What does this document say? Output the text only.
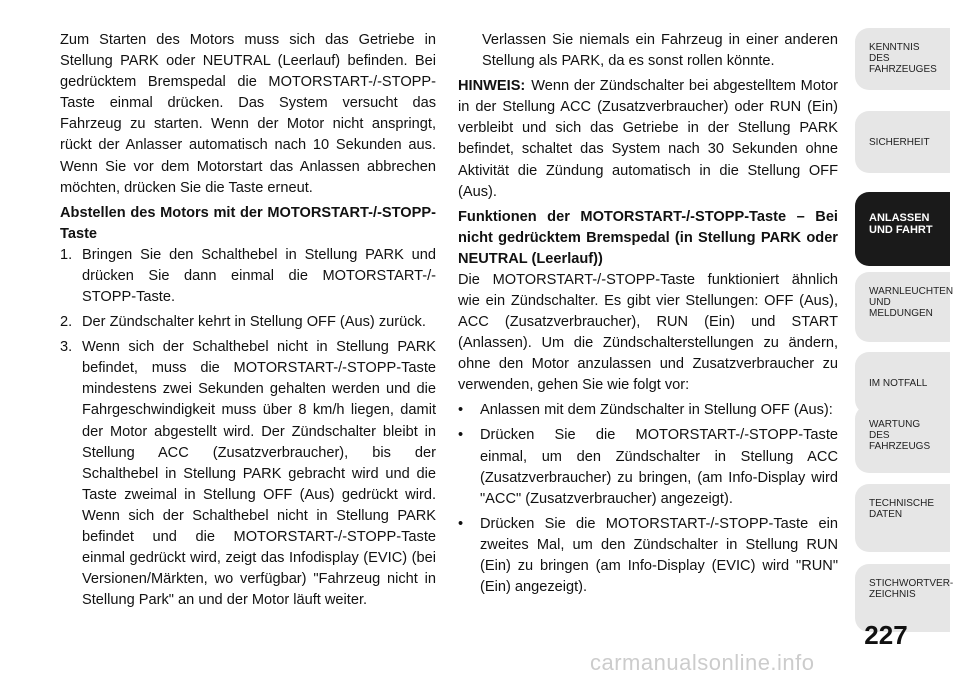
Zum Starten des Motors muss sich das Getriebe in Stellung PARK oder NEUTRAL (Leerlauf) befinden. Bei gedrücktem Bremspedal die MOTORSTART-/-STOPP-Taste einmal drücken. Das System versucht das Fahrzeug zu starten. Wenn der Motor nicht anspringt, rückt der Anlasser automatisch nach 10 Sekunden aus. Wenn Sie vor dem Motorstart das Anlassen abbrechen möchten, drücken Sie die Taste erneut.

Abstellen des Motors mit der MOTORSTART-/-STOPP-Taste
1. Bringen Sie den Schalthebel in Stellung PARK und drücken Sie dann einmal die MOTORSTART-/-STOPP-Taste.
2. Der Zündschalter kehrt in Stellung OFF (Aus) zurück.
3. Wenn sich der Schalthebel nicht in Stellung PARK befindet, muss die MOTORSTART-/-STOPP-Taste mindestens zwei Sekunden gehalten werden und die Fahrgeschwindigkeit muss über 8 km/h liegen, damit der Motor abgestellt wird. Der Zündschalter bleibt in Stellung ACC (Zusatzverbraucher), bis der Schalthebel in Stellung PARK gebracht wird und die Taste zweimal in Stellung OFF (Aus) gedrückt wird. Wenn sich der Schalthebel nicht in Stellung PARK befindet und die MOTORSTART-/-STOPP-Taste einmal gedrückt wird, zeigt das Infodisplay (EVIC) (bei Versionen/Märkten, wo verfügbar) "Fahrzeug nicht in Stellung Park" an und der Motor läuft weiter.
Verlassen Sie niemals ein Fahrzeug in einer anderen Stellung als PARK, da es sonst rollen könnte.

HINWEIS: Wenn der Zündschalter bei abgestelltem Motor in der Stellung ACC (Zusatzverbraucher) oder RUN (Ein) verbleibt und sich das Getriebe in der Stellung PARK befindet, schaltet das System nach 30 Sekunden ohne Aktivität die Zündung automatisch in die Stellung OFF (Aus).

Funktionen der MOTORSTART-/-STOPP-Taste – Bei nicht gedrücktem Bremspedal (in Stellung PARK oder NEUTRAL (Leerlauf))

Die MOTORSTART-/-STOPP-Taste funktioniert ähnlich wie ein Zündschalter. Es gibt vier Stellungen: OFF (Aus), ACC (Zusatzverbraucher), RUN (Ein) und START (Anlassen). Um die Zündschalterstellungen zu ändern, ohne den Motor anzulassen und Zusatzverbraucher zu verwenden, gehen Sie wie folgt vor:

• Anlassen mit dem Zündschalter in Stellung OFF (Aus):
• Drücken Sie die MOTORSTART-/-STOPP-Taste einmal, um den Zündschalter in Stellung ACC (Zusatzverbraucher) zu bringen, (am Info-Display wird "ACC" (Zusatzverbraucher) angezeigt).
• Drücken Sie die MOTORSTART-/-STOPP-Taste ein zweites Mal, um den Zündschalter in Stellung RUN (Ein) zu bringen (am Info-Display (EVIC) wird "RUN" (Ein) angezeigt).
KENNTNIS
DES
FAHRZEUGES
SICHERHEIT
ANLASSEN
UND FAHRT
WARNLEUCHTEN
UND
MELDUNGEN
IM NOTFALL
WARTUNG
DES
FAHRZEUGS
TECHNISCHE
DATEN
STICHWORTVER-
ZEICHNIS
227
carmanualsonline.info
